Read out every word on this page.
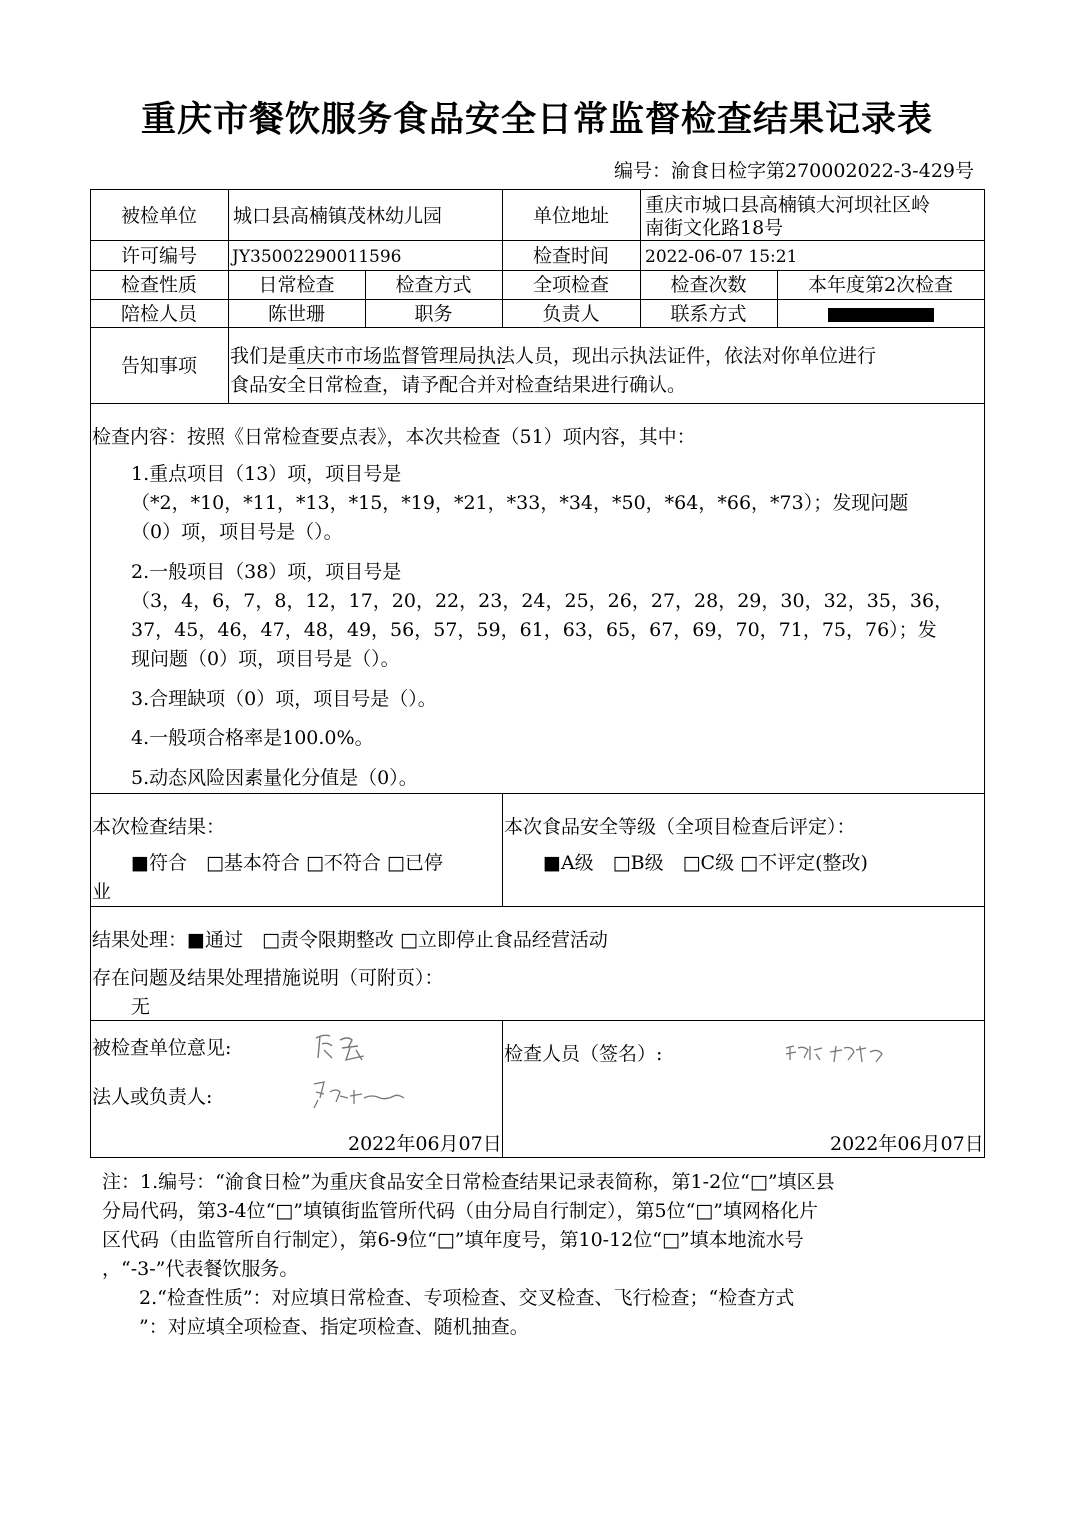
重庆市餐饮服务食品安全日常监督检查结果记录表
编号：渝食日检字第270002022-3-429号
被检单位	城口县高楠镇茂林幼儿园	单位地址	重庆市城口县高楠镇大河坝社区岭
南街文化路18号
许可编号	JY35002290011596	检查时间	2022-06-07 15:21
检查性质	日常检查	检查方式	全项检查	检查次数	本年度第2次检查
陪检人员	陈世珊	职务	负责人	联系方式
告知事项	我们是重庆市市场监督管理局执法人员，现出示执法证件，依法对你单位进行
食品安全日常检查，请予配合并对检查结果进行确认。
检查内容：按照《日常检查要点表》，本次共检查（51）项内容，其中：
1.重点项目（13）项，项目号是
（*2，*10，*11，*13，*15，*19，*21，*33，*34，*50，*64，*66，*73）；发现问题
（0）项，项目号是（）。
2.一般项目（38）项，项目号是
（3，4，6，7，8，12，17，20，22，23，24，25，26，27，28，29，30，32，35，36，
37，45，46，47，48，49，56，57，59，61，63，65，67，69，70，71，75，76）；发
现问题（0）项，项目号是（）。
3.合理缺项（0）项，项目号是（）。
4.一般项合格率是100.0%。
5.动态风险因素量化分值是（0）。
本次检查结果：
■符合　□基本符合 □不符合 □已停
业
本次食品安全等级（全项目检查后评定）：
■A级　□B级　□C级 □不评定(整改)
结果处理：■通过　□责令限期整改 □立即停止食品经营活动
存在问题及结果处理措施说明（可附页）：
无
被检查单位意见:
法人或负责人:
2022年06月07日
检查人员（签名）:
2022年06月07日
注：1.编号：“渝食日检”为重庆食品安全日常检查结果记录表简称，第1-2位“□”填区县
分局代码，第3-4位“□”填镇街监管所代码（由分局自行制定），第5位“□”填网格化片
区代码（由监管所自行制定），第6-9位“□”填年度号，第10-12位“□”填本地流水号
，“-3-”代表餐饮服务。
2.“检查性质”：对应填日常检查、专项检查、交叉检查、飞行检查；“检查方式
”：对应填全项检查、指定项检查、随机抽查。
